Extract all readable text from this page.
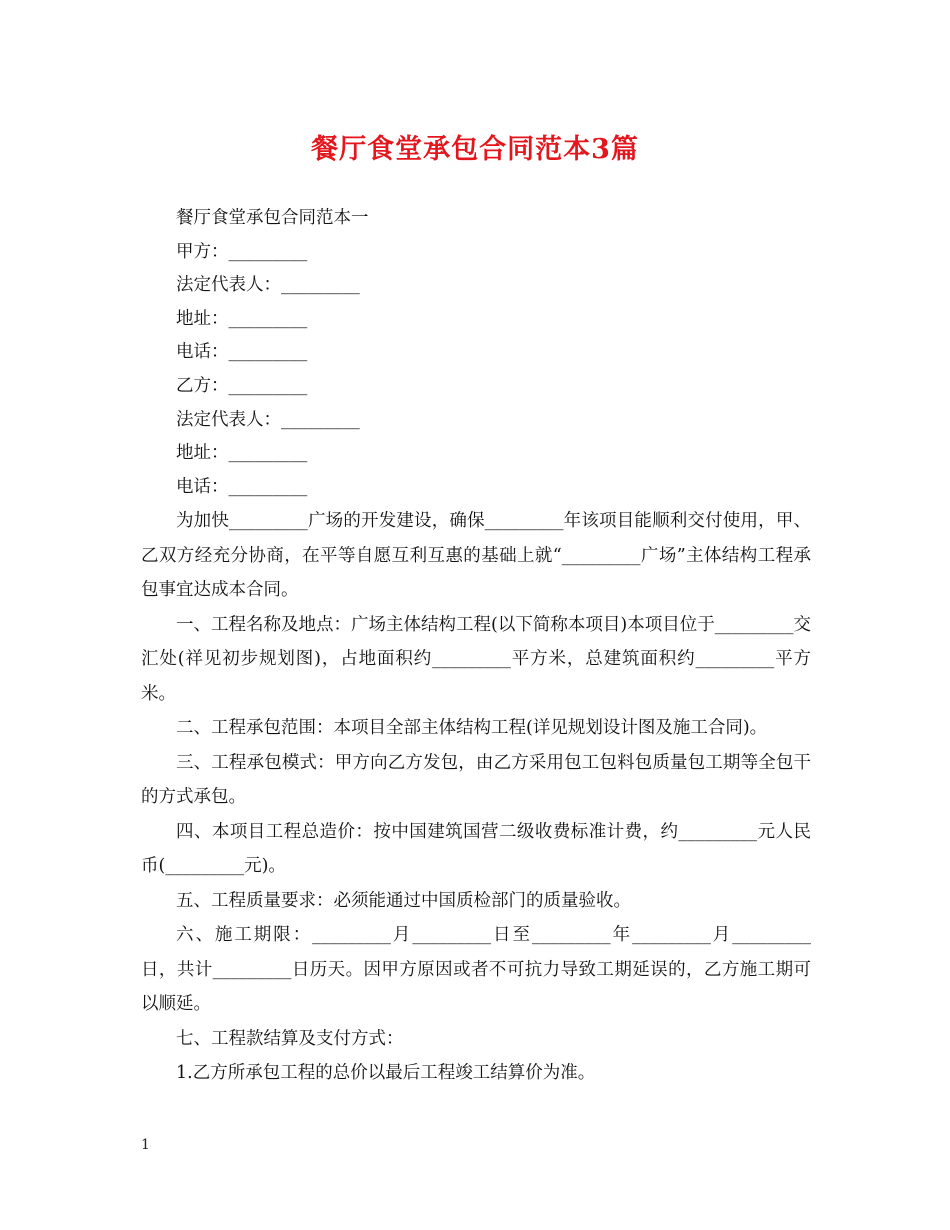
餐厅食堂承包合同范本3篇
餐厅食堂承包合同范本一
甲方：_________
法定代表人：_________
地址：_________
电话：_________
乙方：_________
法定代表人：_________
地址：_________
电话：_________
为加快_________广场的开发建设，确保_________年该项目能顺利交付使用，甲、乙双方经充分协商，在平等自愿互利互惠的基础上就“_________广场”主体结构工程承包事宜达成本合同。
一、工程名称及地点：广场主体结构工程(以下简称本项目)本项目位于_________交汇处(祥见初步规划图)，占地面积约_________平方米，总建筑面积约_________平方米。
二、工程承包范围：本项目全部主体结构工程(详见规划设计图及施工合同)。
三、工程承包模式：甲方向乙方发包，由乙方采用包工包料包质量包工期等全包干的方式承包。
四、本项目工程总造价：按中国建筑国营二级收费标准计费，约_________元人民币(_________元)。
五、工程质量要求：必须能通过中国质检部门的质量验收。
六、施工期限：_________月_________日至_________年_________月_________日，共计_________日历天。因甲方原因或者不可抗力导致工期延误的，乙方施工期可以顺延。
七、工程款结算及支付方式：
1.乙方所承包工程的总价以最后工程竣工结算价为准。
1
